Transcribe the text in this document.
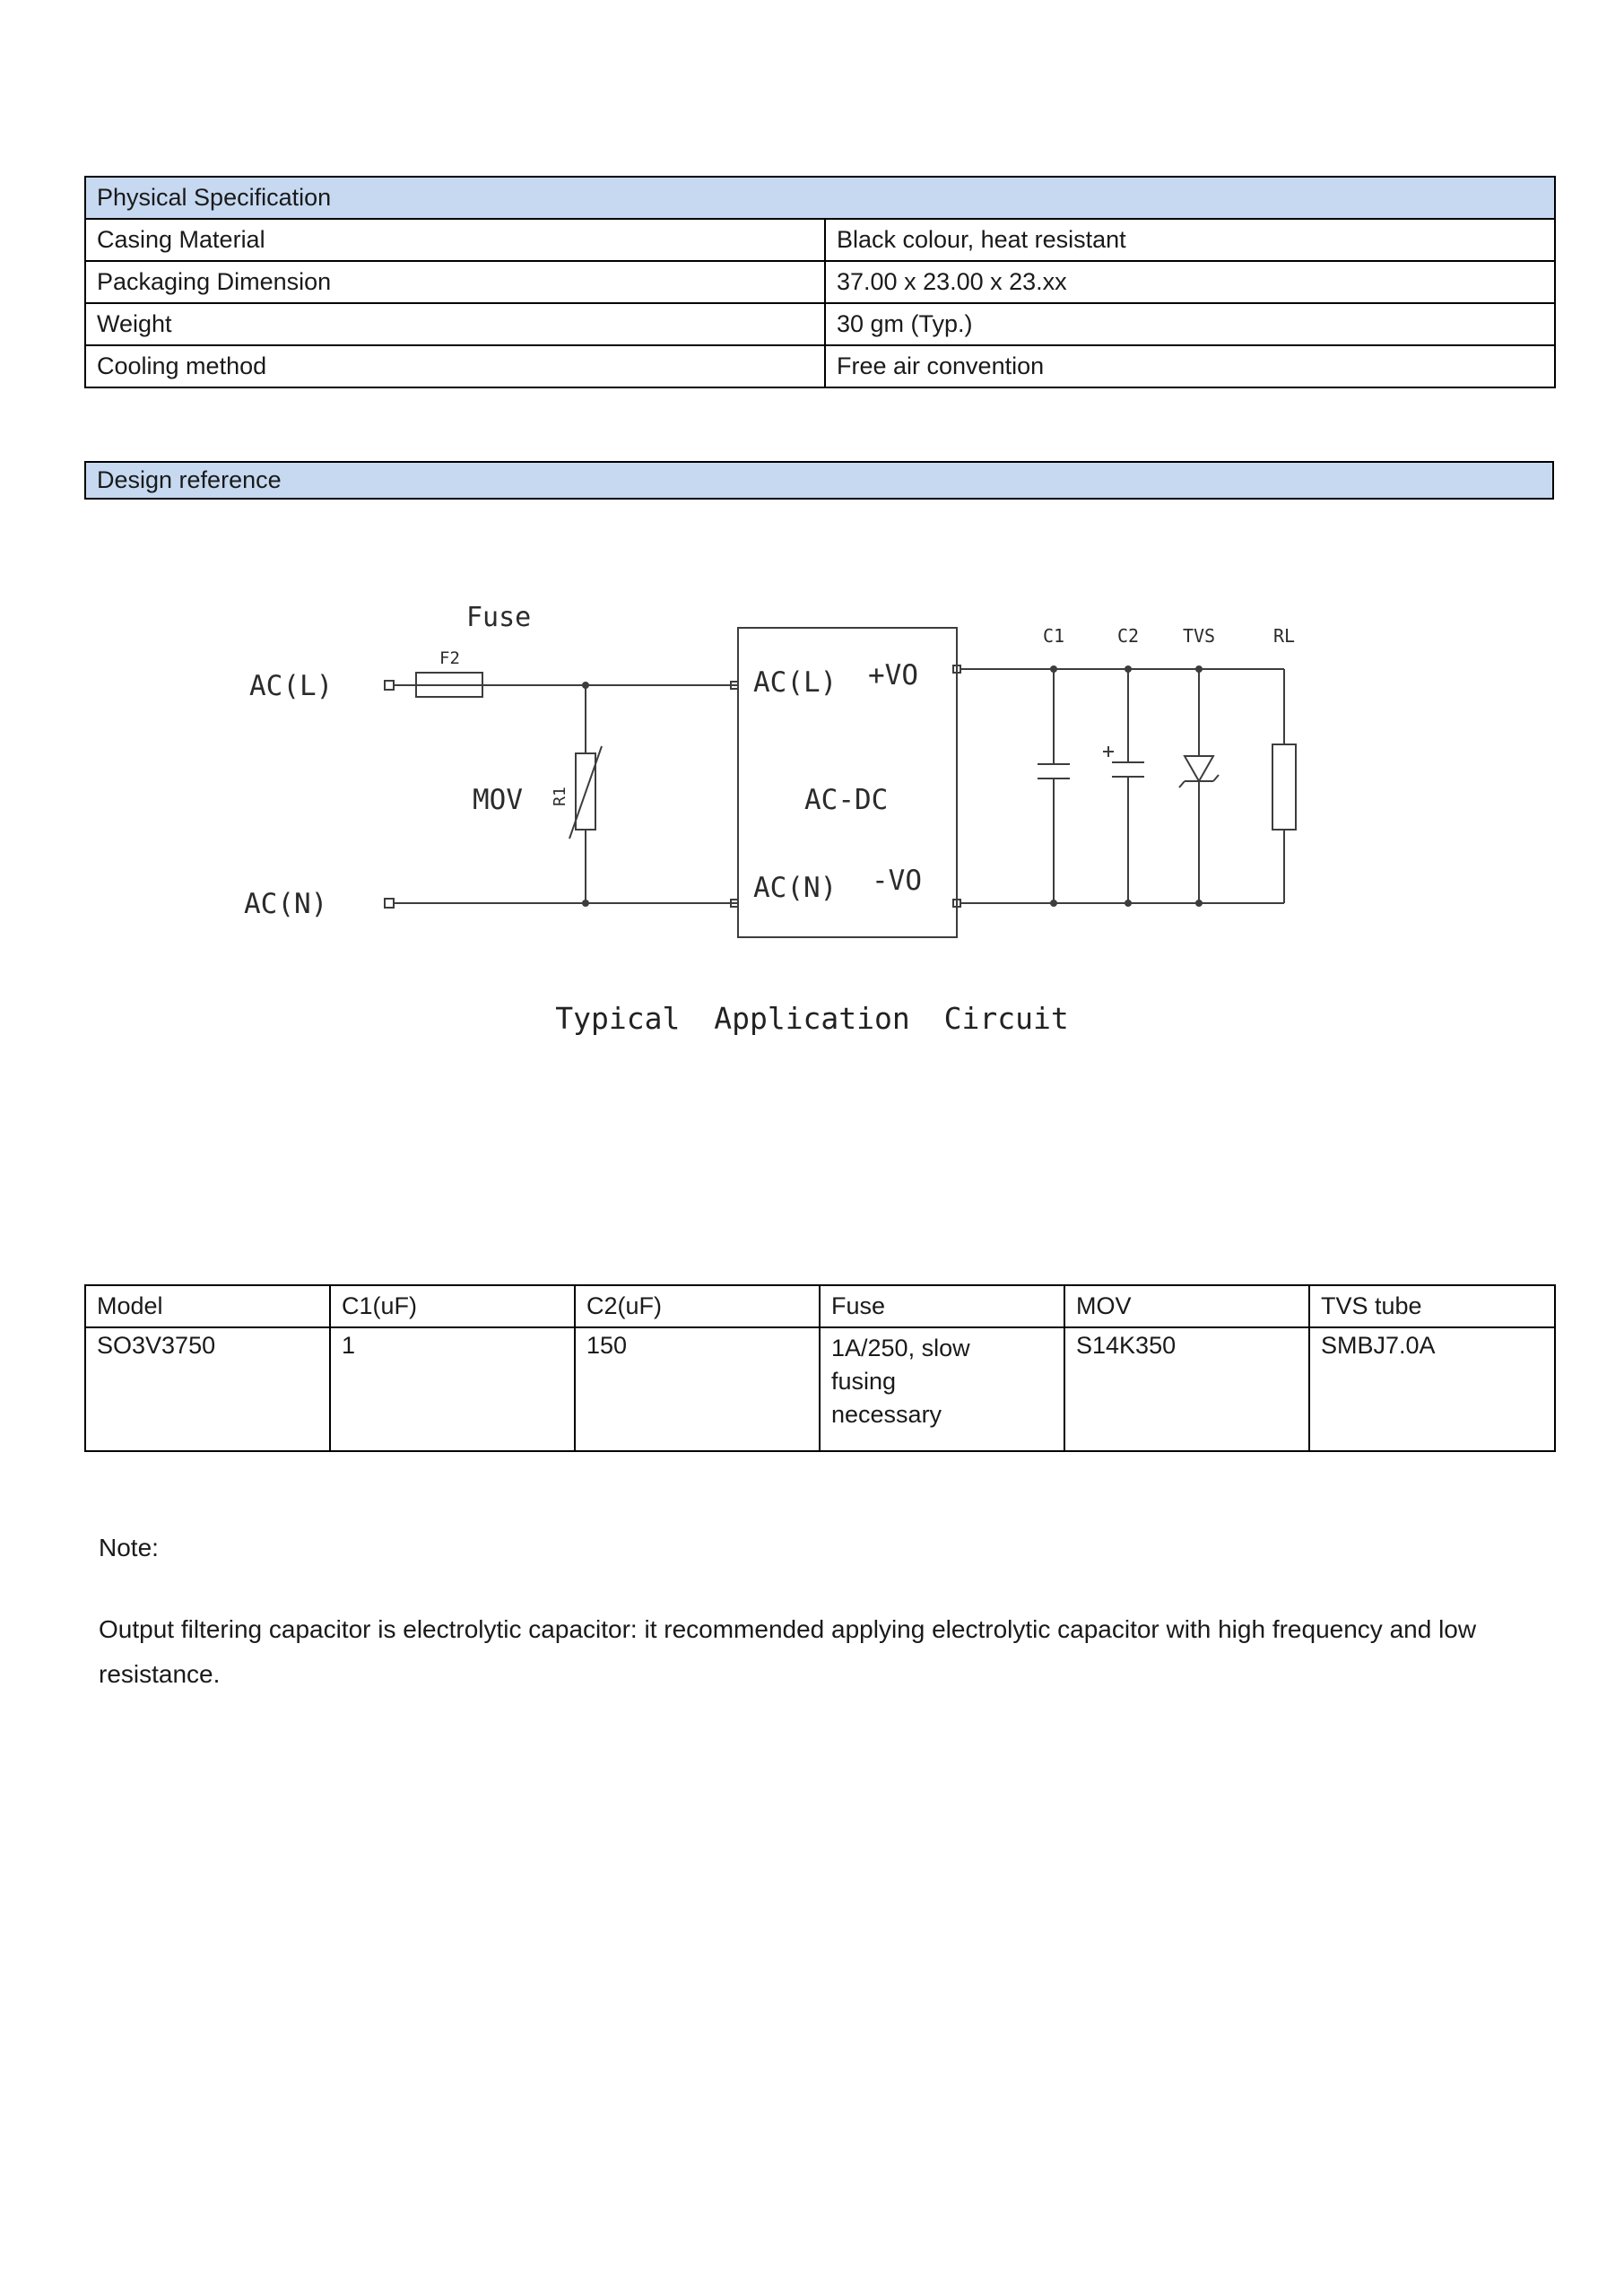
Physical Specification	
Casing Material	Black colour, heat resistant
Packaging Dimension	37.00 x 23.00 x 23.xx
Weight	30 gm (Typ.)
Cooling method	Free air convention
Design reference
Fuse
F2
AC(L)
AC(N)
MOV R1
AC(L) +VO
AC-DC
AC(N) -VO
C1	C2 TVS	RL
Typical Application Circuit
Model	C1(uF)	C2(uF)	Fuse	MOV	TVS tube
SO3V3750	1	150	1A/250, slow fusing necessary	S14K350	SMBJ7.0A
Note:
Output filtering capacitor is electrolytic capacitor: it recommended applying electrolytic capacitor with high frequency and low resistance.
